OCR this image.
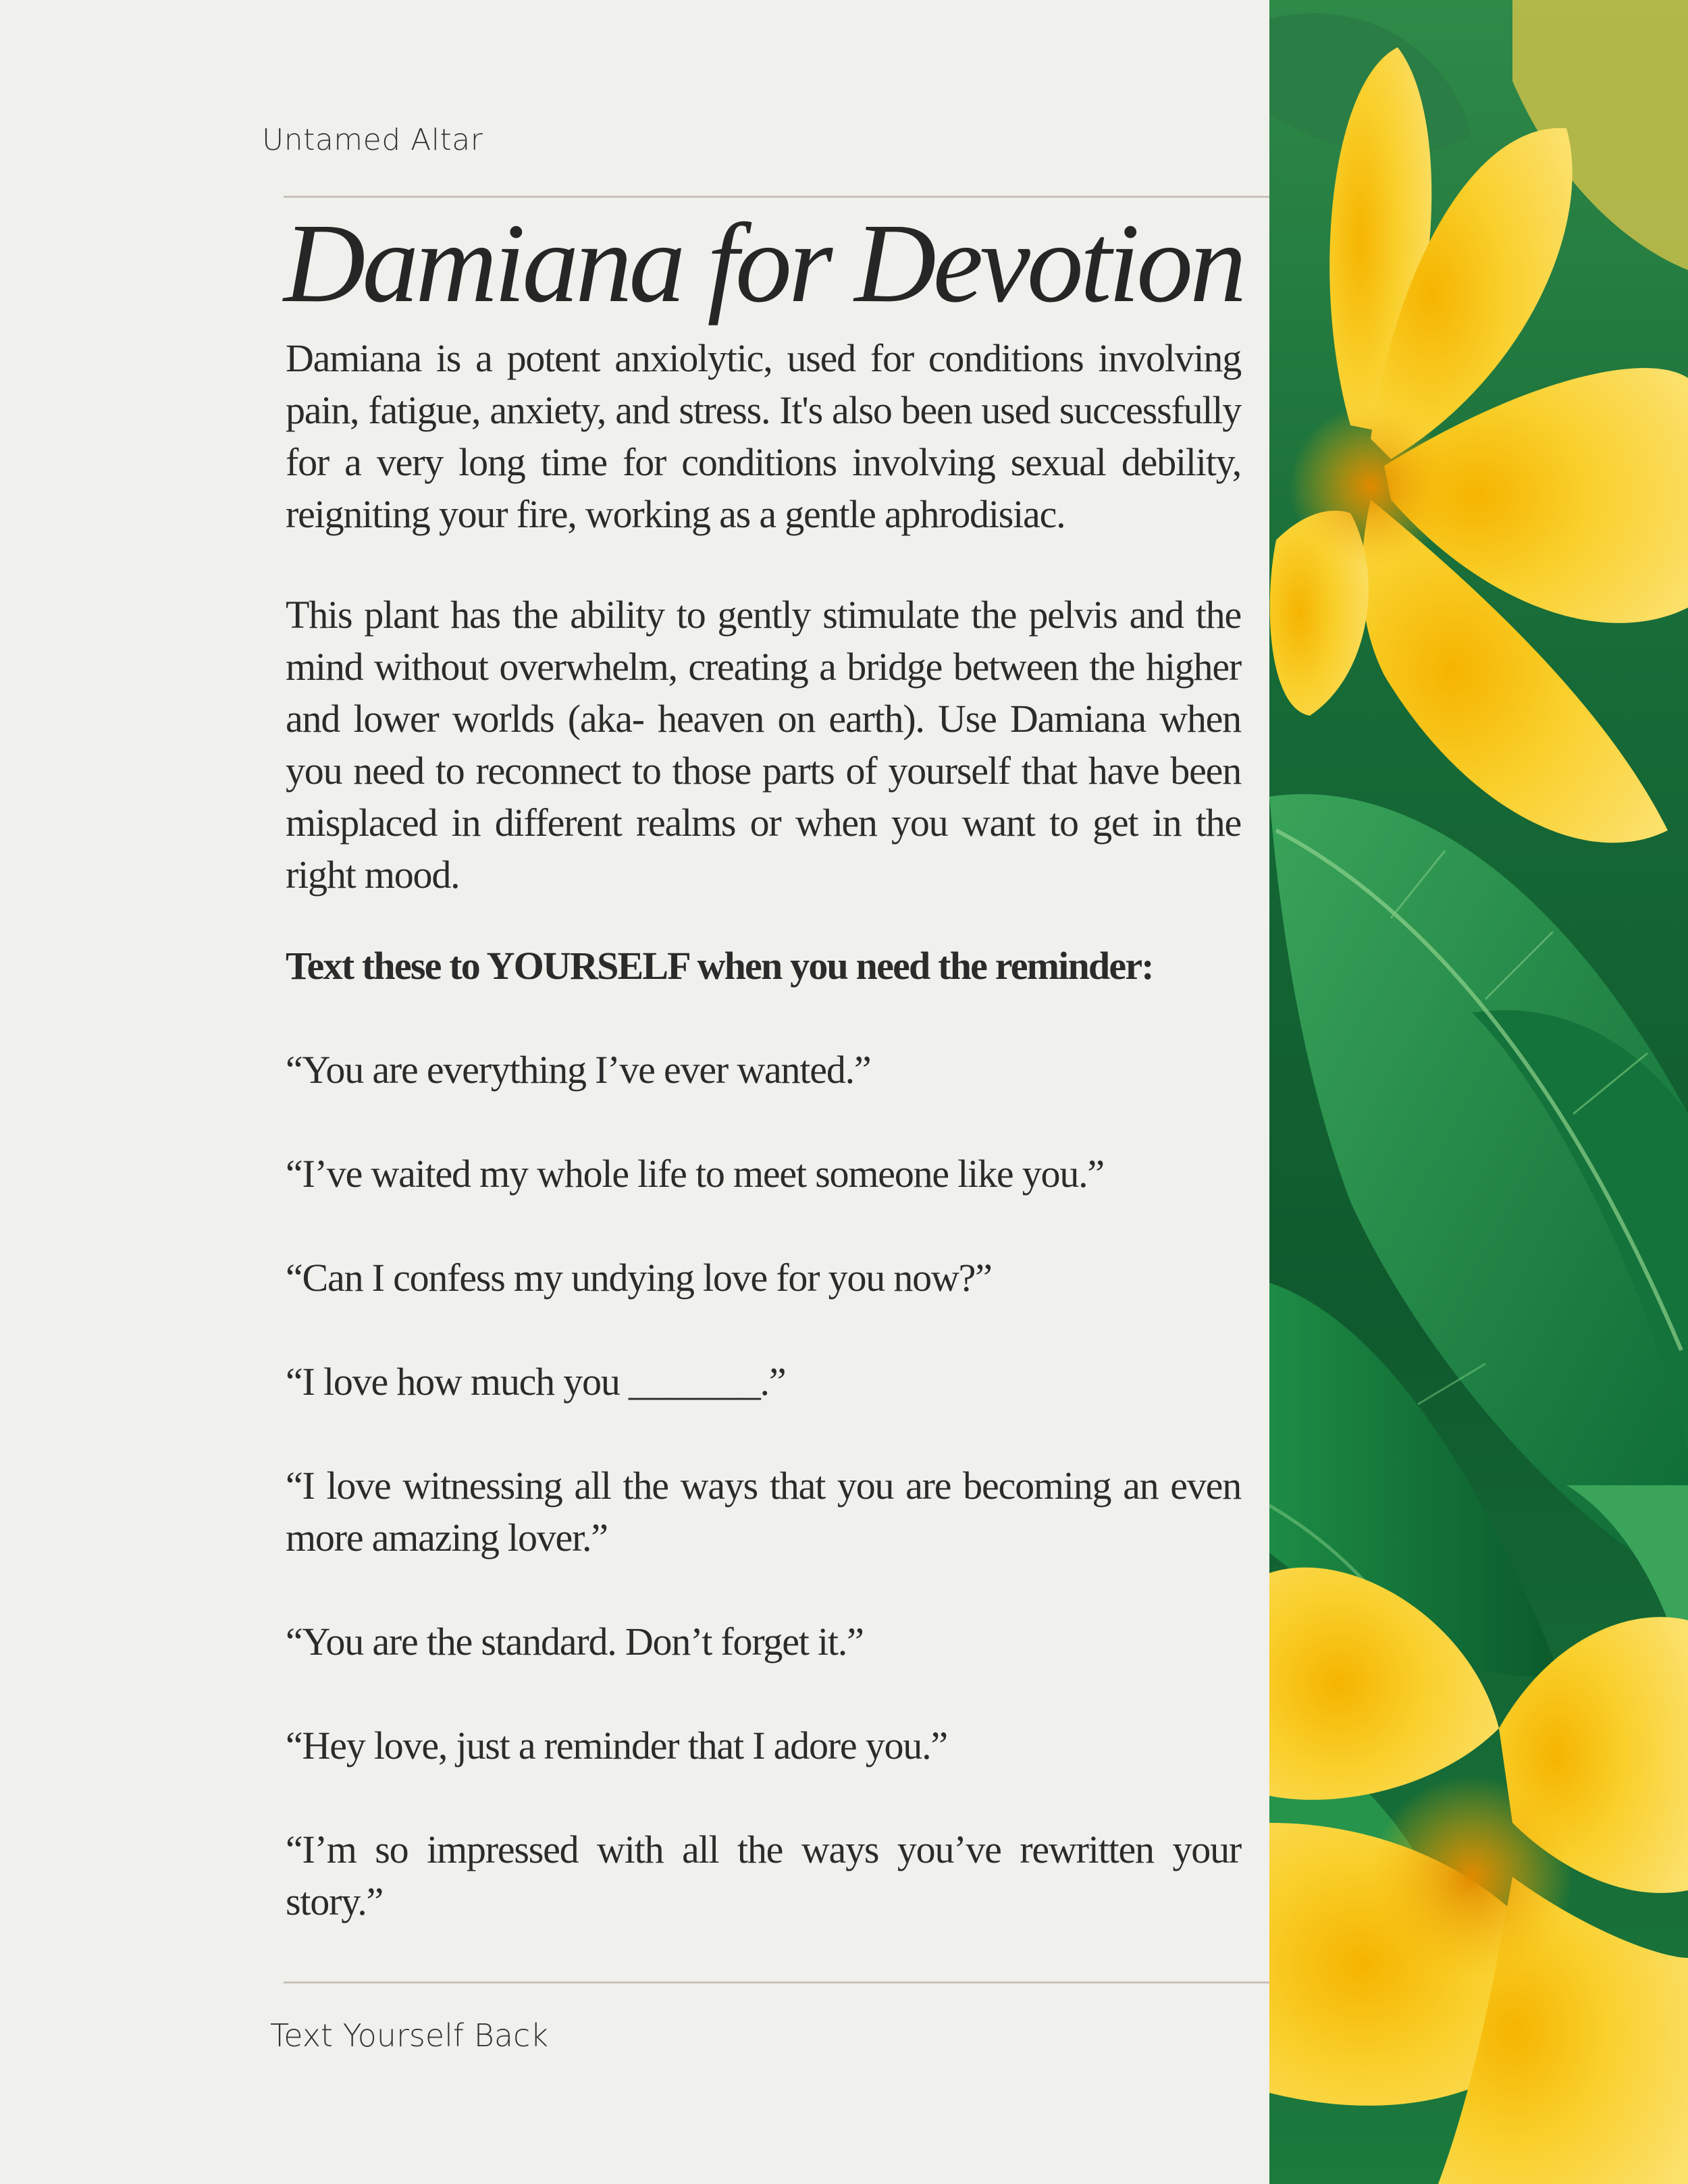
Untamed Altar
Damiana for Devotion

Damiana is a potent anxiolytic, used for conditions involving pain, fatigue, anxiety, and stress. It's also been used successfully for a very long time for conditions involving sexual debility, reigniting your fire, working as a gentle aphrodisiac.

This plant has the ability to gently stimulate the pelvis and the mind without overwhelm, creating a bridge between the higher and lower worlds (aka- heaven on earth). Use Damiana when you need to reconnect to those parts of yourself that have been misplaced in different realms or when you want to get in the right mood.

Text these to YOURSELF when you need the reminder:

“You are everything I’ve ever wanted.”

“I’ve waited my whole life to meet someone like you.”

“Can I confess my undying love for you now?”

“I love how much you _______.”

“I love witnessing all the ways that you are becoming an even more amazing lover.”

“You are the standard. Don’t forget it.”

“Hey love, just a reminder that I adore you.”

“I’m so impressed with all the ways you’ve rewritten your story.”

Text Yourself Back
